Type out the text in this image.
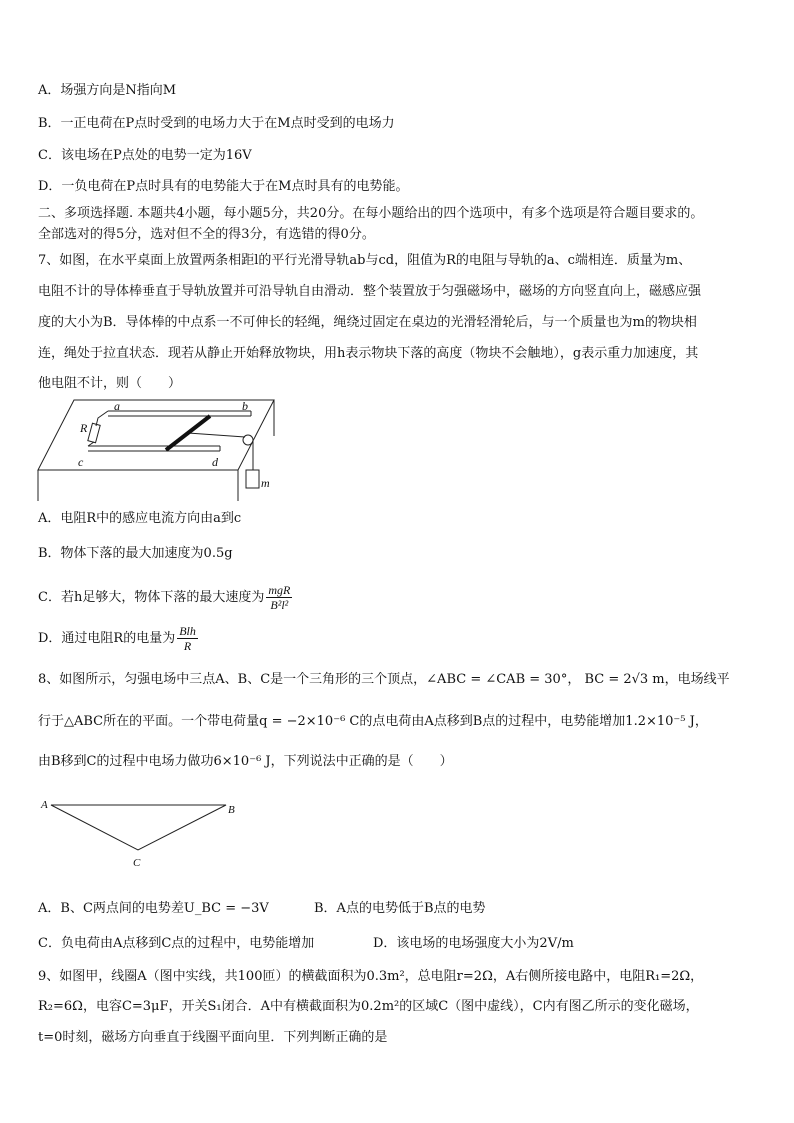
A．场强方向是N指向M
B．一正电荷在P点时受到的电场力大于在M点时受到的电场力
C．该电场在P点处的电势一定为16V
D．一负电荷在P点时具有的电势能大于在M点时具有的电势能。
二、多项选择题. 本题共4小题，每小题5分，共20分。在每小题给出的四个选项中，有多个选项是符合题目要求的。
全部选对的得5分，选对但不全的得3分，有选错的得0分。
7、如图，在水平桌面上放置两条相距l的平行光滑导轨ab与cd，阻值为R的电阻与导轨的a、c端相连．质量为m、
电阻不计的导体棒垂直于导轨放置并可沿导轨自由滑动．整个装置放于匀强磁场中，磁场的方向竖直向上，磁感应强
度的大小为B．导体棒的中点系一不可伸长的轻绳，绳绕过固定在桌边的光滑轻滑轮后，与一个质量也为m的物块相
连，绳处于拉直状态．现若从静止开始释放物块，用h表示物块下落的高度（物块不会触地），g表示重力加速度，其
他电阻不计，则（　　）
a	b
c	d
R
m
A．电阻R中的感应电流方向由a到c
B．物体下落的最大加速度为0.5g
C．若h足够大，物体下落的最大速度为 $\frac{\text{mgR}}{\text{B²l²}}$
D．通过电阻R的电量为 $\frac{\text{Blh}}{R}$
8、如图所示，匀强电场中三点A、B、C是一个三角形的三个顶点，∠ABC = ∠CAB = 30°， BC = 2√3 m，电场线平
行于△ABC所在的平面。一个带电荷量q = −2×10⁻⁶ C的点电荷由A点移到B点的过程中，电势能增加1.2×10⁻⁵ J，
由B移到C的过程中电场力做功6×10⁻⁶ J，下列说法中正确的是（　　）
A	B
C
A．B、C两点间的电势差U_BC = −3V	B．A点的电势低于B点的电势
C．负电荷由A点移到C点的过程中，电势能增加	D．该电场的电场强度大小为2V/m
9、如图甲，线圈A（图中实线，共100匝）的横截面积为0.3m²，总电阻r=2Ω，A右侧所接电路中，电阻R₁=2Ω，
R₂=6Ω，电容C=3μF，开关S₁闭合．A中有横截面积为0.2m²的区域C（图中虚线），C内有图乙所示的变化磁场，
t=0时刻，磁场方向垂直于线圈平面向里．下列判断正确的是
